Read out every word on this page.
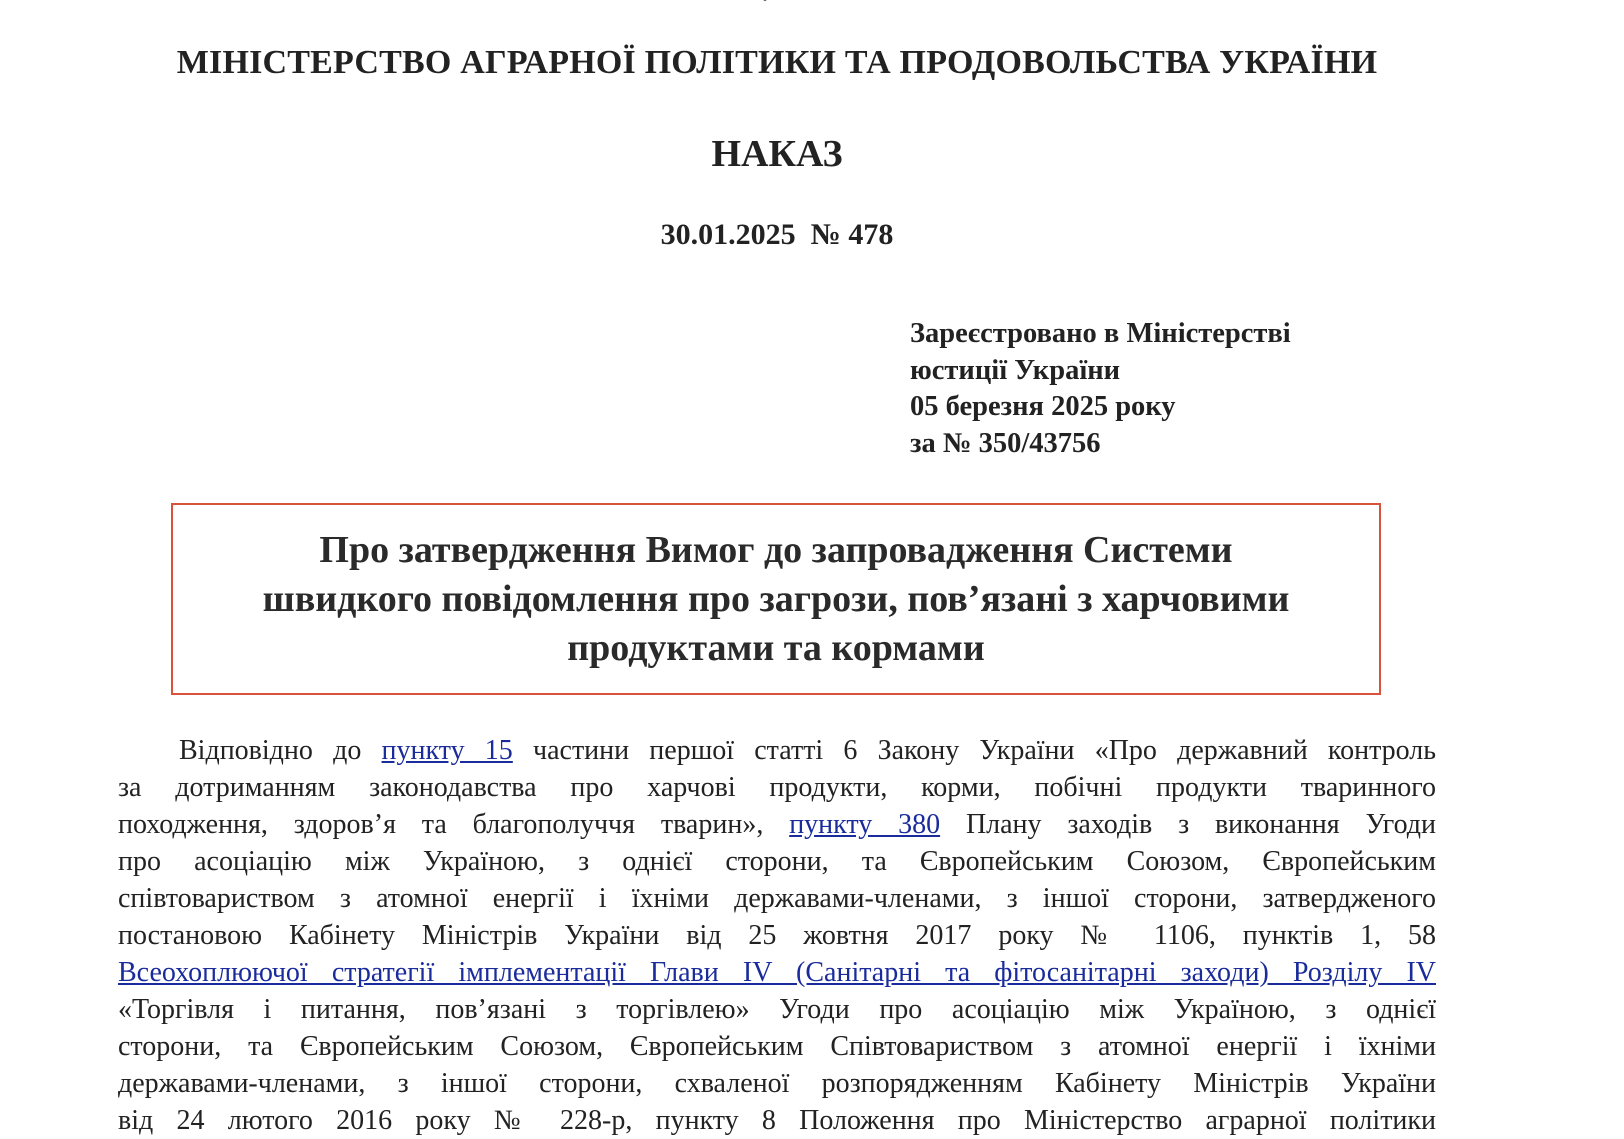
МІНІСТЕРСТВО АГРАРНОЇ ПОЛІТИКИ ТА ПРОДОВОЛЬСТВА УКРАЇНИ
НАКАЗ
30.01.2025 № 478
Зареєстровано в Міністерстві
юстиції України
05 березня 2025 року
за № 350/43756
Про затвердження Вимог до запровадження Системи
швидкого повідомлення про загрози, пов’язані з харчовими
продуктами та кормами
Відповідно до пункту 15 частини першої статті 6 Закону України «Про державний контроль
за дотриманням законодавства про харчові продукти, корми, побічні продукти тваринного
походження, здоров’я та благополуччя тварин», пункту 380 Плану заходів з виконання Угоди
про асоціацію між Україною, з однієї сторони, та Європейським Союзом, Європейським
співтовариством з атомної енергії і їхніми державами-членами, з іншої сторони, затвердженого
постановою Кабінету Міністрів України від 25 жовтня 2017 року № 1106, пунктів 1, 58
Всеохоплюючої стратегії імплементації Глави IV (Санітарні та фітосанітарні заходи) Розділу IV
«Торгівля і питання, пов’язані з торгівлею» Угоди про асоціацію між Україною, з однієї
сторони, та Європейським Союзом, Європейським Співтовариством з атомної енергії і їхніми
державами-членами, з іншої сторони, схваленої розпорядженням Кабінету Міністрів України
від 24 лютого 2016 року № 228-р, пункту 8 Положення про Міністерство аграрної політики
